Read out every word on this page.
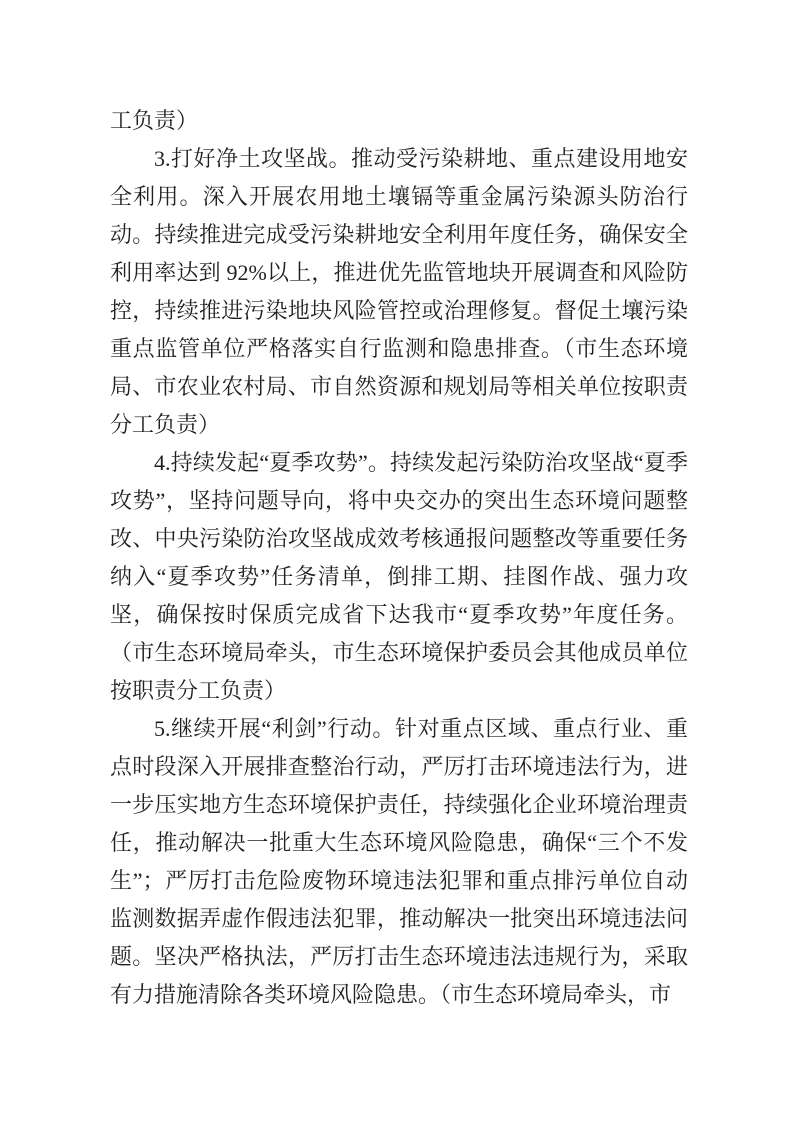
工负责）

3.打好净土攻坚战。推动受污染耕地、重点建设用地安全利用。深入开展农用地土壤镉等重金属污染源头防治行动。持续推进完成受污染耕地安全利用年度任务，确保安全利用率达到 92%以上，推进优先监管地块开展调查和风险防控，持续推进污染地块风险管控或治理修复。督促土壤污染重点监管单位严格落实自行监测和隐患排查。（市生态环境局、市农业农村局、市自然资源和规划局等相关单位按职责分工负责）

4.持续发起“夏季攻势”。持续发起污染防治攻坚战“夏季攻势”，坚持问题导向，将中央交办的突出生态环境问题整改、中央污染防治攻坚战成效考核通报问题整改等重要任务纳入“夏季攻势”任务清单，倒排工期、挂图作战、强力攻坚，确保按时保质完成省下达我市“夏季攻势”年度任务。（市生态环境局牵头，市生态环境保护委员会其他成员单位按职责分工负责）

5.继续开展“利剑”行动。针对重点区域、重点行业、重点时段深入开展排查整治行动，严厉打击环境违法行为，进一步压实地方生态环境保护责任，持续强化企业环境治理责任，推动解决一批重大生态环境风险隐患，确保“三个不发生”；严厉打击危险废物环境违法犯罪和重点排污单位自动监测数据弄虚作假违法犯罪，推动解决一批突出环境违法问题。坚决严格执法，严厉打击生态环境违法违规行为，采取有力措施清除各类环境风险隐患。（市生态环境局牵头，市
